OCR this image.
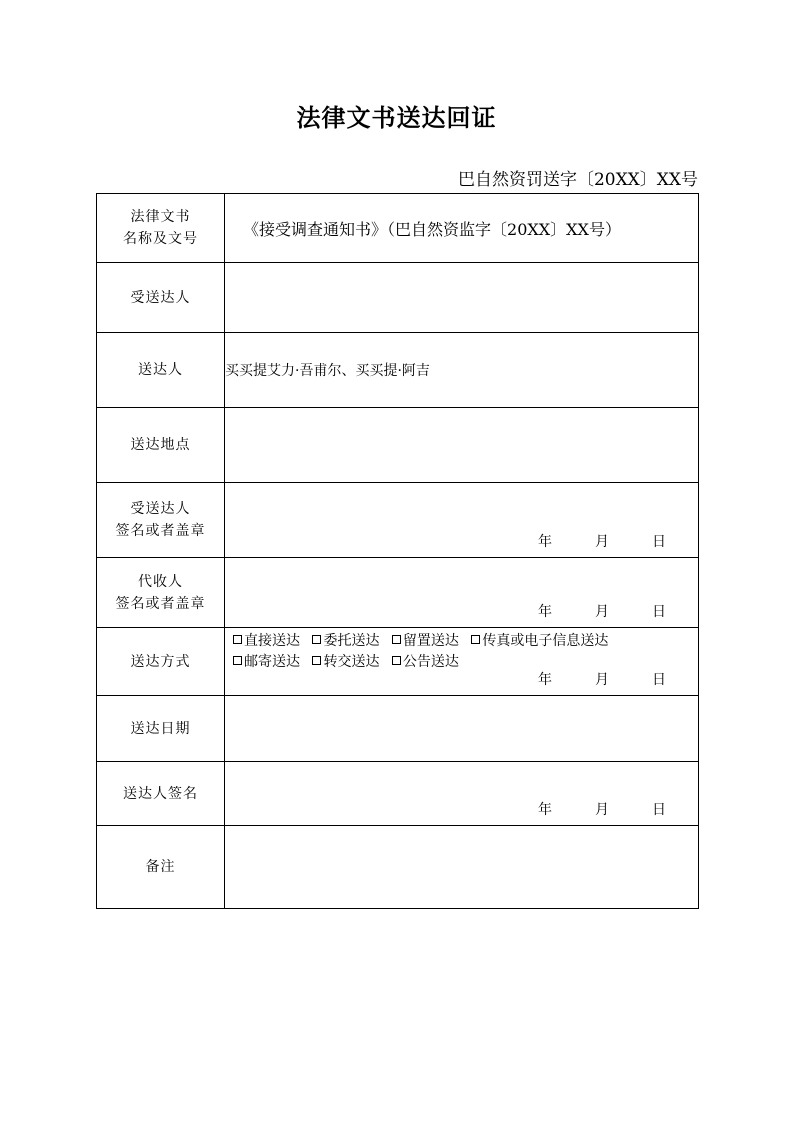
法律文书送达回证
巴自然资罚送字〔20XX〕XX号
法律文书
名称及文号	《接受调查通知书》（巴自然资监字〔20XX〕XX号）
受送达人	
送达人	买买提艾力·吾甫尔、买买提·阿吉
送达地点	

受送达人
签名或者盖章	年 月 日

代收人
签名或者盖章	年 月 日

送达方式	直接送达 委托送达 留置送达 传真或电子信息送达
邮寄送达 转交送达 公告送达
年 月 日

送达日期	
送达人签名	年 月 日

备注	
